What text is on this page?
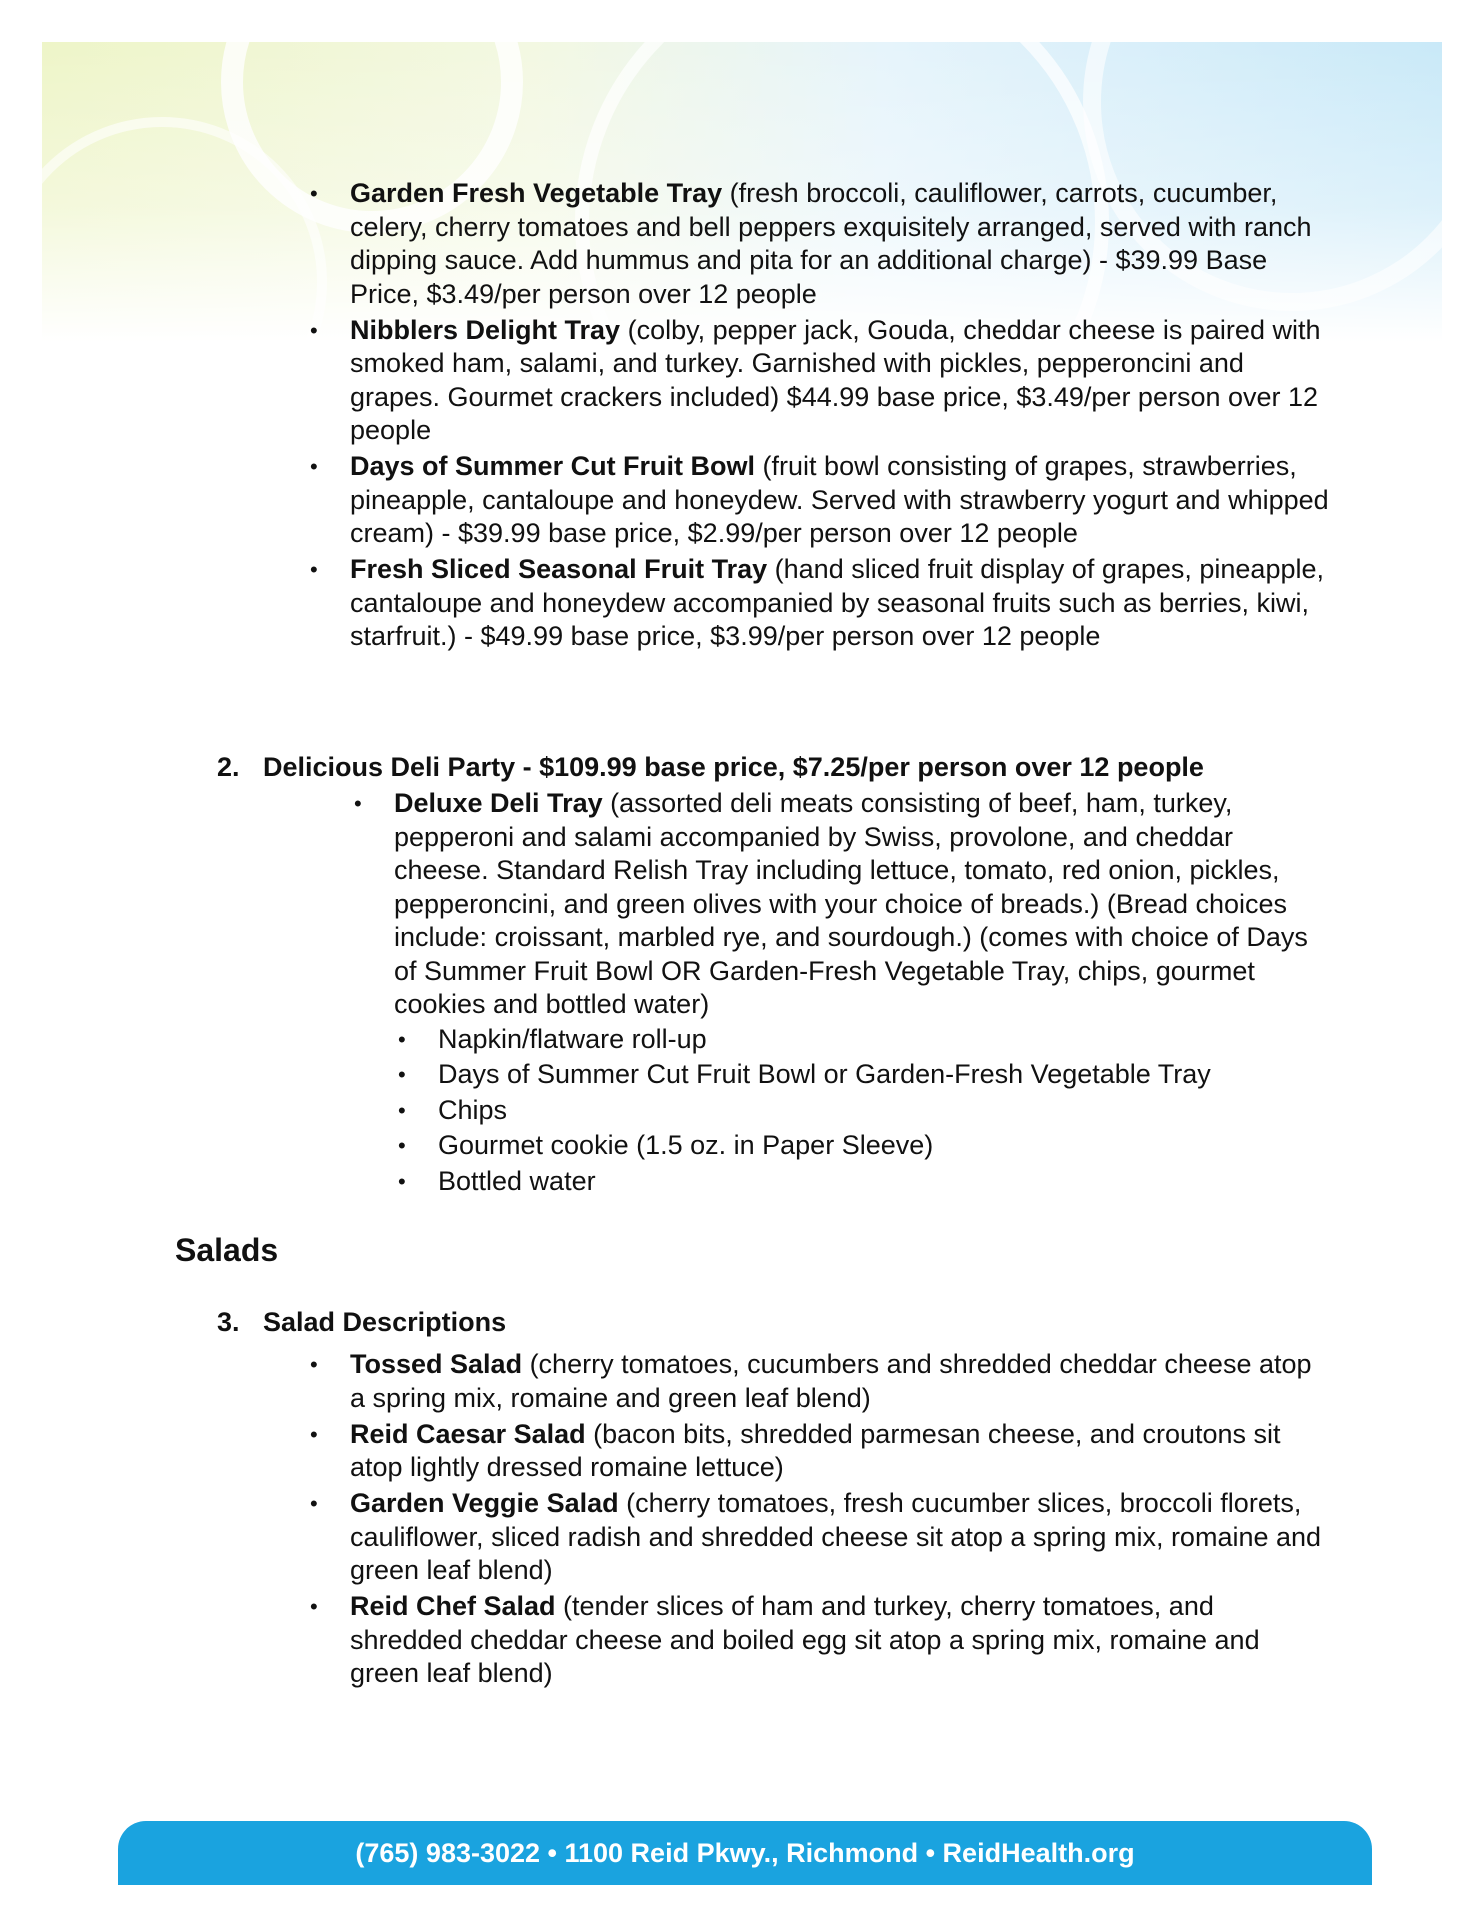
• Garden Fresh Vegetable Tray (fresh broccoli, cauliflower, carrots, cucumber, celery, cherry tomatoes and bell peppers exquisitely arranged, served with ranch dipping sauce. Add hummus and pita for an additional charge) - $39.99 Base Price, $3.49/per person over 12 people
• Nibblers Delight Tray (colby, pepper jack, Gouda, cheddar cheese is paired with smoked ham, salami, and turkey. Garnished with pickles, pepperoncini and grapes. Gourmet crackers included) $44.99 base price, $3.49/per person over 12 people
• Days of Summer Cut Fruit Bowl (fruit bowl consisting of grapes, strawberries, pineapple, cantaloupe and honeydew. Served with strawberry yogurt and whipped cream) - $39.99 base price, $2.99/per person over 12 people
• Fresh Sliced Seasonal Fruit Tray (hand sliced fruit display of grapes, pineapple, cantaloupe and honeydew accompanied by seasonal fruits such as berries, kiwi, starfruit.) - $49.99 base price, $3.99/per person over 12 people
2. Delicious Deli Party - $109.99 base price, $7.25/per person over 12 people
• Deluxe Deli Tray (assorted deli meats consisting of beef, ham, turkey, pepperoni and salami accompanied by Swiss, provolone, and cheddar cheese. Standard Relish Tray including lettuce, tomato, red onion, pickles, pepperoncini, and green olives with your choice of breads.) (Bread choices include: croissant, marbled rye, and sourdough.) (comes with choice of Days of Summer Fruit Bowl OR Garden-Fresh Vegetable Tray, chips, gourmet cookies and bottled water)
• Napkin/flatware roll-up
• Days of Summer Cut Fruit Bowl or Garden-Fresh Vegetable Tray
• Chips
• Gourmet cookie (1.5 oz. in Paper Sleeve)
• Bottled water
Salads
3. Salad Descriptions
• Tossed Salad (cherry tomatoes, cucumbers and shredded cheddar cheese atop a spring mix, romaine and green leaf blend)
• Reid Caesar Salad (bacon bits, shredded parmesan cheese, and croutons sit atop lightly dressed romaine lettuce)
• Garden Veggie Salad (cherry tomatoes, fresh cucumber slices, broccoli florets, cauliflower, sliced radish and shredded cheese sit atop a spring mix, romaine and green leaf blend)
• Reid Chef Salad (tender slices of ham and turkey, cherry tomatoes, and shredded cheddar cheese and boiled egg sit atop a spring mix, romaine and green leaf blend)
(765) 983-3022 • 1100 Reid Pkwy., Richmond • ReidHealth.org
